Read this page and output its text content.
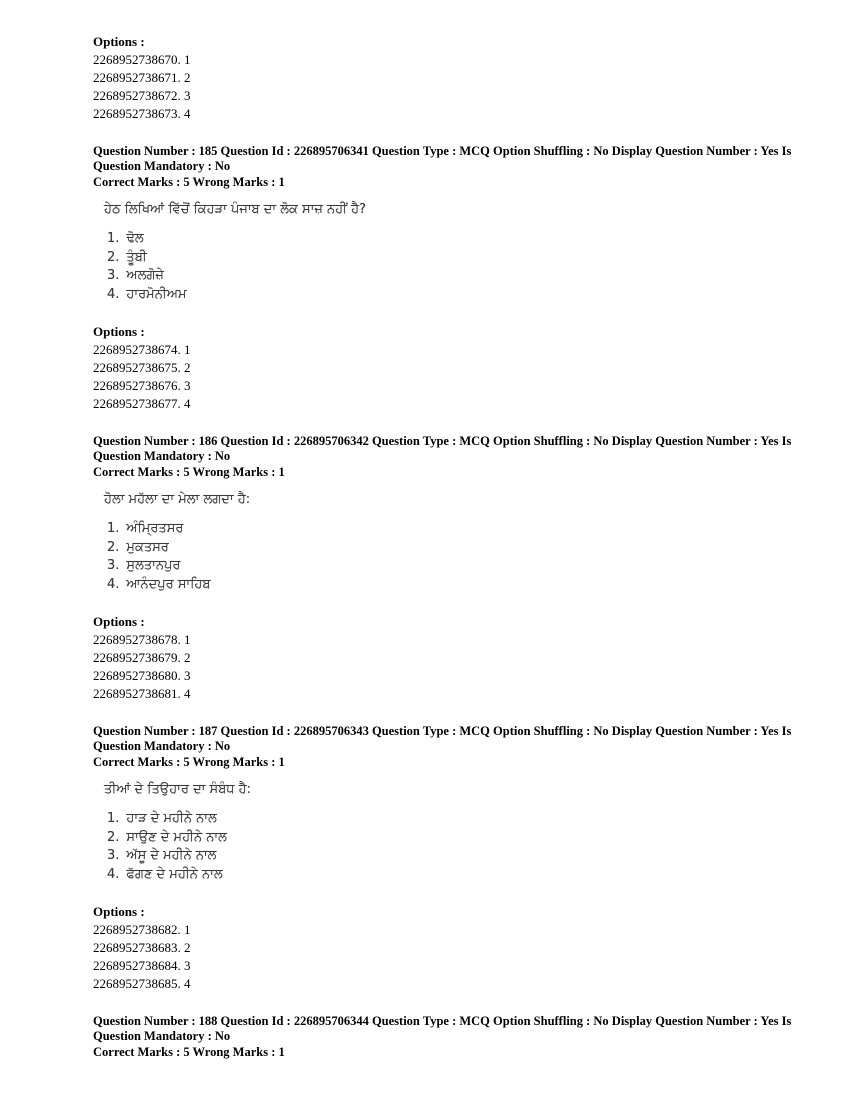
Options :

2268952738670. 1

2268952738671. 2

2268952738672. 3

2268952738673. 4

Question Number : 185 Question Id : 226895706341 Question Type : MCQ Option Shuffling : No Display Question Number : Yes Is

Question Mandatory : No

Correct Marks : 5 Wrong Marks : 1

ਹੇਠ ਲਿਖਿਆਂ ਵਿੱਚੋਂ ਕਿਹੜਾ ਪੰਜਾਬ ਦਾ ਲੋਕ ਸਾਜ਼ ਨਹੀਂ ਹੈ?

1. ਢੋਲ

2. ਤੂੰਬੀ

3. ਅਲਗੋਜ਼ੇ

4. ਹਾਰਮੋਨੀਅਮ

Options :

2268952738674. 1

2268952738675. 2

2268952738676. 3

2268952738677. 4

Question Number : 186 Question Id : 226895706342 Question Type : MCQ Option Shuffling : No Display Question Number : Yes Is

Question Mandatory : No

Correct Marks : 5 Wrong Marks : 1

ਹੋਲਾ ਮਹੱਲਾ ਦਾ ਮੇਲਾ ਲਗਦਾ ਹੈ:

1. ਅੰਮ੍ਰਿਤਸਰ

2. ਮੁਕਤਸਰ

3. ਸੁਲਤਾਨਪੁਰ

4. ਆਨੰਦਪੁਰ ਸਾਹਿਬ

Options :

2268952738678. 1

2268952738679. 2

2268952738680. 3

2268952738681. 4

Question Number : 187 Question Id : 226895706343 Question Type : MCQ Option Shuffling : No Display Question Number : Yes Is

Question Mandatory : No

Correct Marks : 5 Wrong Marks : 1

ਤੀਆਂ ਦੇ ਤਿਉਹਾਰ ਦਾ ਸੰਬੰਧ ਹੈ:

1. ਹਾੜ ਦੇ ਮਹੀਨੇ ਨਾਲ

2. ਸਾਉਣ ਦੇ ਮਹੀਨੇ ਨਾਲ

3. ਅੱਸੂ ਦੇ ਮਹੀਨੇ ਨਾਲ

4. ਫੱਗਣ ਦੇ ਮਹੀਨੇ ਨਾਲ

Options :

2268952738682. 1

2268952738683. 2

2268952738684. 3

2268952738685. 4

Question Number : 188 Question Id : 226895706344 Question Type : MCQ Option Shuffling : No Display Question Number : Yes Is

Question Mandatory : No

Correct Marks : 5 Wrong Marks : 1
